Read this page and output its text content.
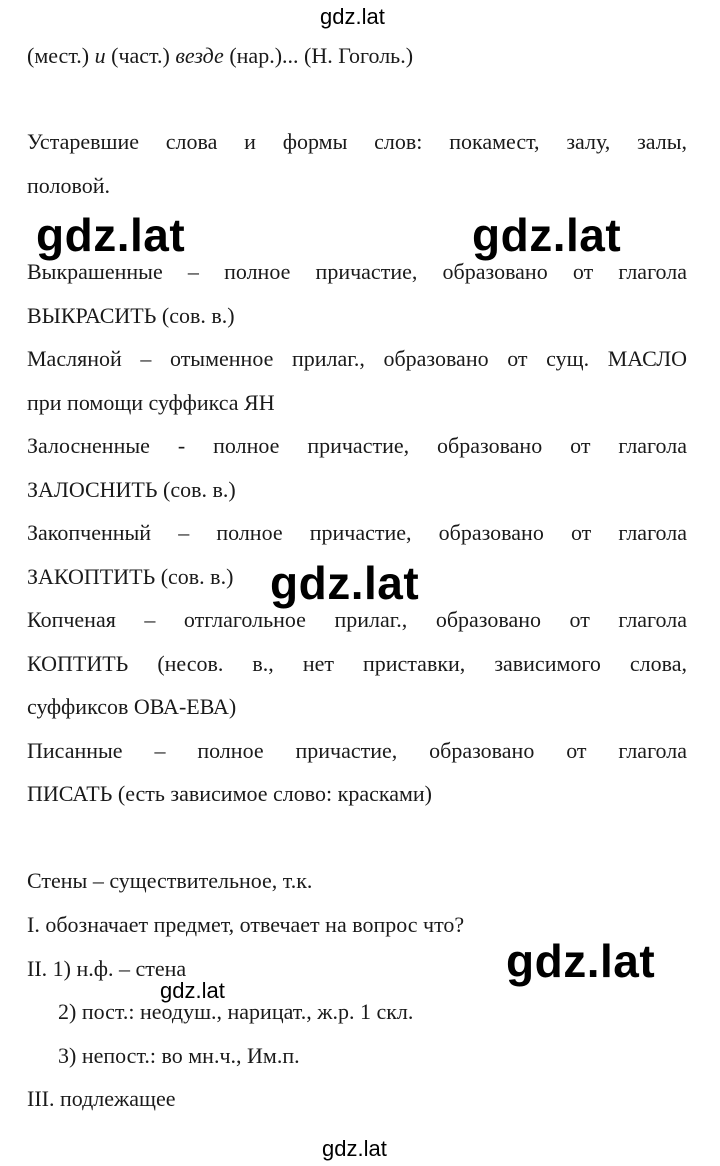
gdz.lat
(мест.) и (част.) везде (нар.)... (Н. Гоголь.)
Устаревшие слова и формы слов: покамест, залу, залы,
половой.
Выкрашенные – полное причастие, образовано от глагола
ВЫКРАСИТЬ (сов. в.)
Масляной – отыменное прилаг., образовано от сущ. МАСЛО
при помощи суффикса ЯН
Залосненные - полное причастие, образовано от глагола
ЗАЛОСНИТЬ (сов. в.)
Закопченный – полное причастие, образовано от глагола
ЗАКОПТИТЬ (сов. в.)
Копченая – отглагольное прилаг., образовано от глагола
КОПТИТЬ (несов. в., нет приставки, зависимого слова,
суффиксов ОВА-ЕВА)
Писанные – полное причастие, образовано от глагола
ПИСАТЬ (есть зависимое слово: красками)
Стены – существительное, т.к.
I. обозначает предмет, отвечает на вопрос что?
II. 1) н.ф. – стена
2) пост.: неодуш., нарицат., ж.р. 1 скл.
3) непост.: во мн.ч., Им.п.
III. подлежащее
gdz.lat	gdz.lat
gdz.lat
gdz.lat
gdz.lat
gdz.lat
